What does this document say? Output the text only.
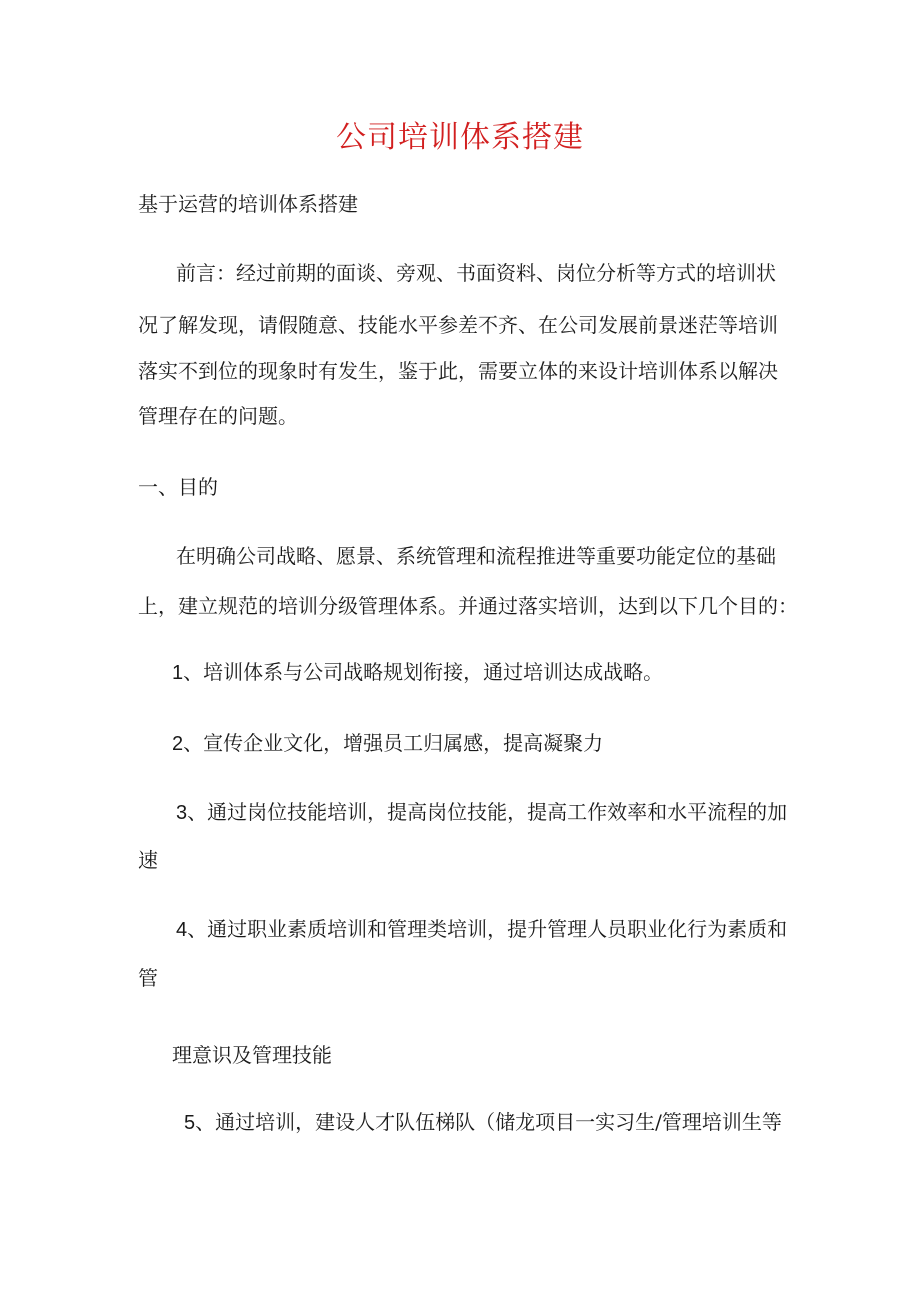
公司培训体系搭建
基于运营的培训体系搭建
前言：经过前期的面谈、旁观、书面资料、岗位分析等方式的培训状
况了解发现，请假随意、技能水平参差不齐、在公司发展前景迷茫等培训
落实不到位的现象时有发生，鉴于此，需要立体的来设计培训体系以解决
管理存在的问题。
一、目的
在明确公司战略、愿景、系统管理和流程推进等重要功能定位的基础
上，建立规范的培训分级管理体系。并通过落实培训，达到以下几个目的：
1、培训体系与公司战略规划衔接，通过培训达成战略。
2、宣传企业文化，增强员工归属感，提高凝聚力
3、通过岗位技能培训，提高岗位技能，提高工作效率和水平流程的加
速
4、通过职业素质培训和管理类培训，提升管理人员职业化行为素质和
管
理意识及管理技能
5、通过培训，建设人才队伍梯队（储龙项目一实习生/管理培训生等
